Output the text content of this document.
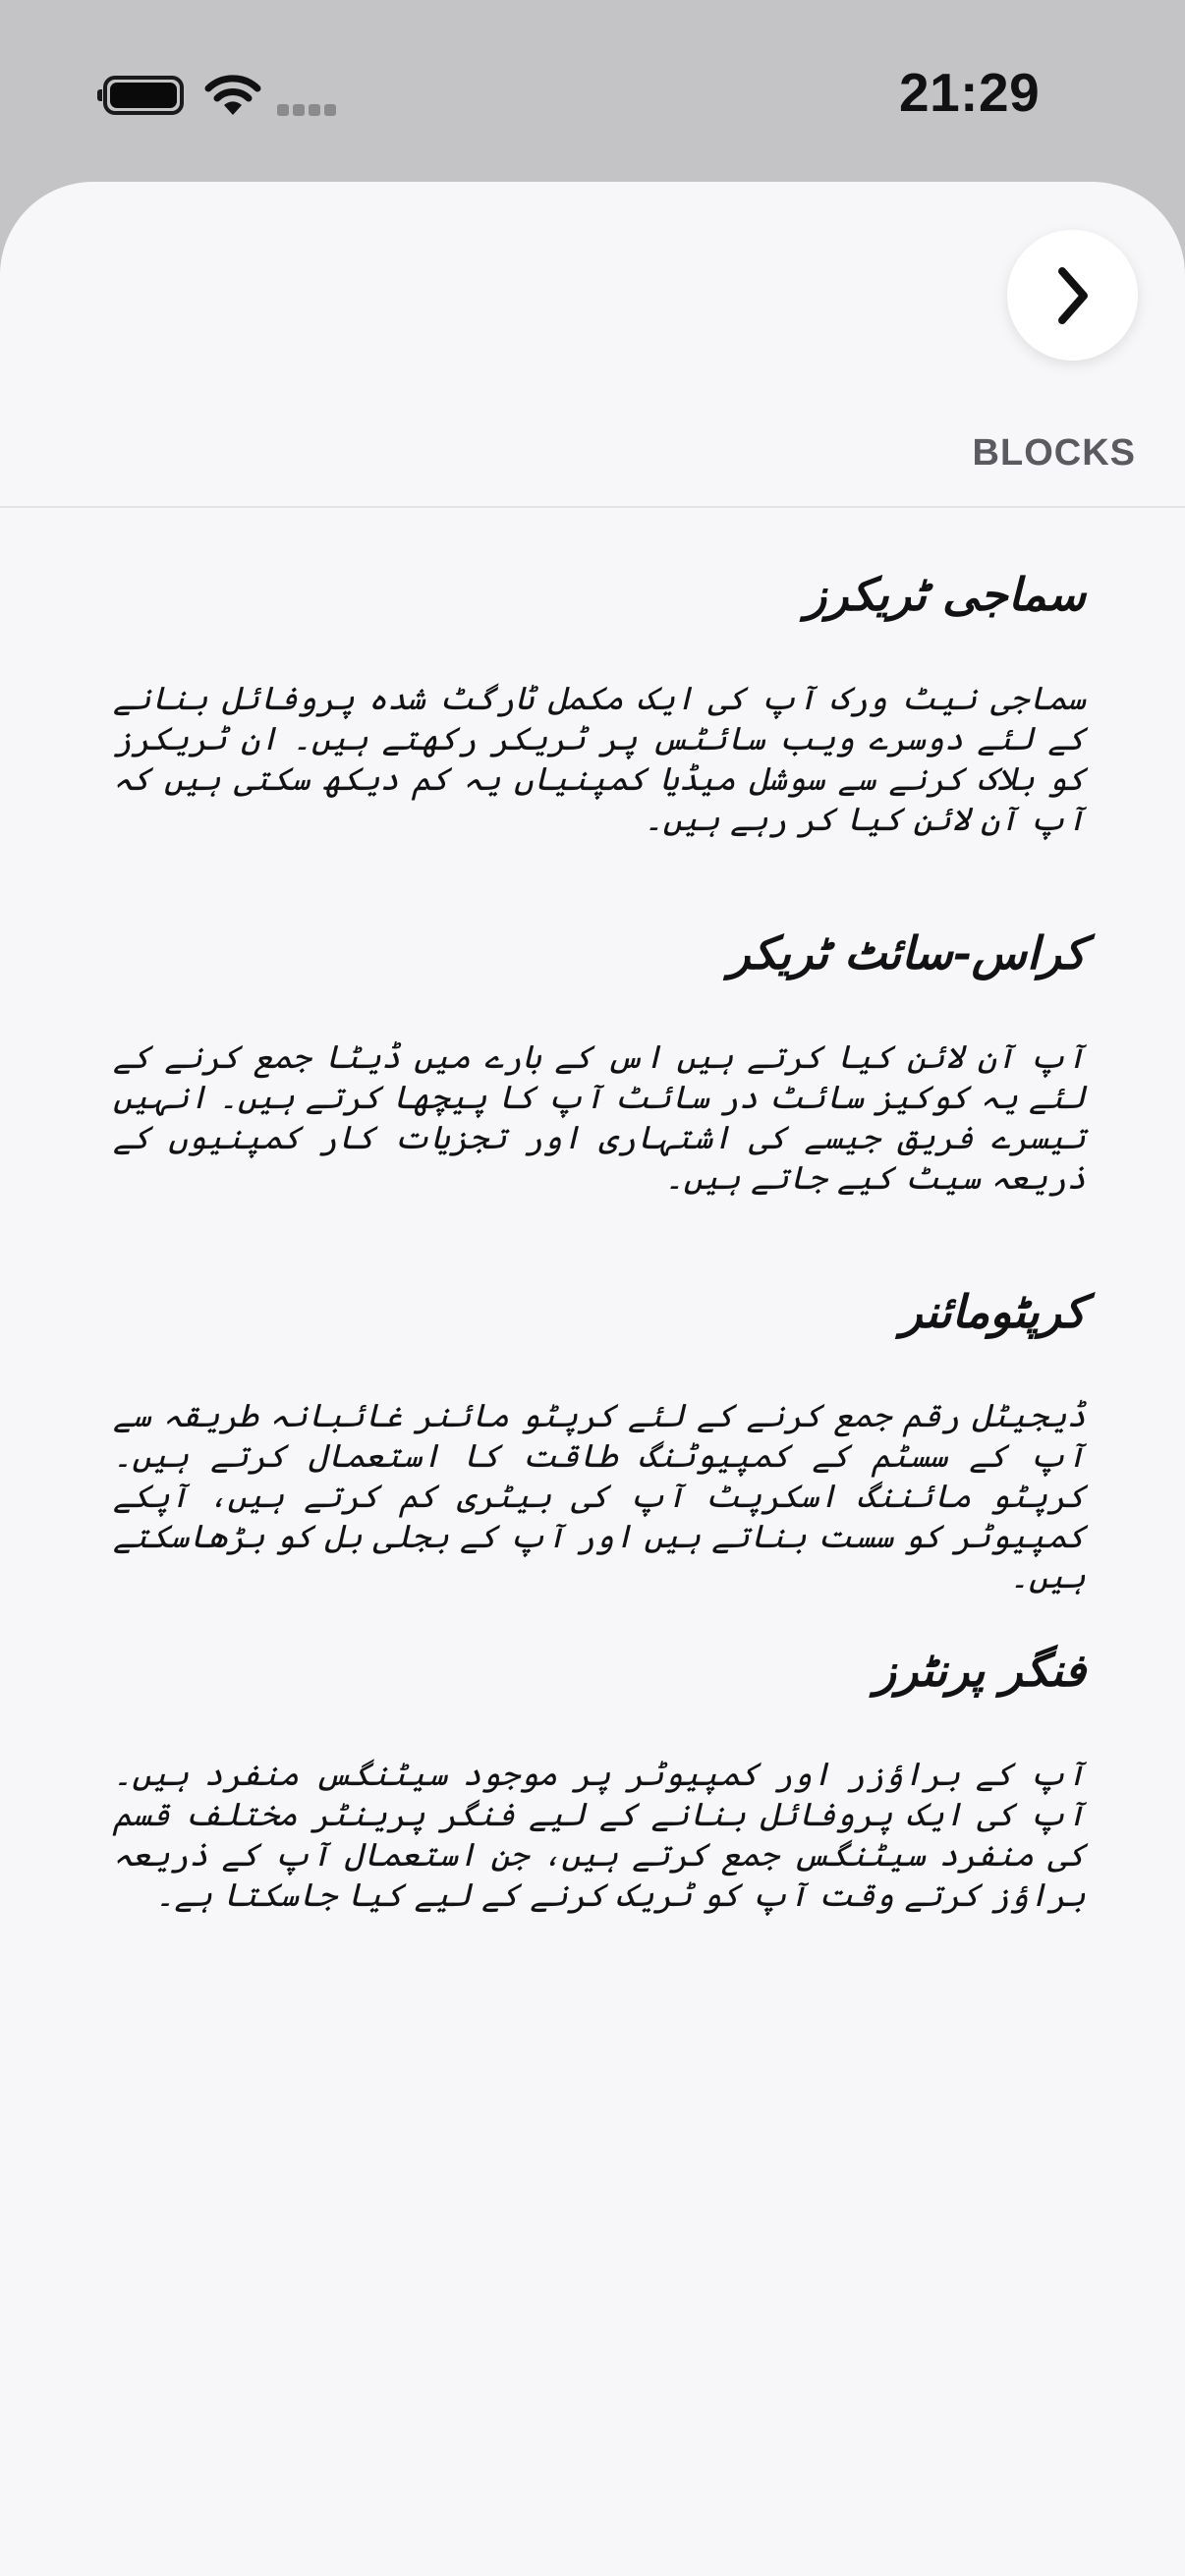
21:29
BLOCKS
سماجی ٹریکرز

سماجی نیٹ ورک آپ کی ایک مکمل ٹارگٹ شدہ پروفائل بنانے کے لئے دوسرے ویب سائٹس پر ٹریکر رکھتے ہیں۔ ان ٹریکرز کو بلاک کرنے سے سوشل میڈیا کمپنیاں یہ کم دیکھ سکتی ہیں کہ آپ آن لائن کیا کر رہے ہیں۔

کراس-سائٹ ٹریکر

آپ آن لائن کیا کرتے ہیں اس کے بارے میں ڈیٹا جمع کرنے کے لئے یہ کوکیز سائٹ در سائٹ آپ کا پیچھا کرتے ہیں۔ انہیں تیسرے فریق جیسے کی اشتہاری اور تجزیات کار کمپنیوں کے ذریعہ سیٹ کیے جاتے ہیں۔

کرپٹومائنر

ڈیجیٹل رقم جمع کرنے کے لئے کرپٹو مائنر غائبانہ طریقہ سے آپ کے سسٹم کے کمپیوٹنگ طاقت کا استعمال کرتے ہیں۔ کرپٹو مائننگ اسکرپٹ آپ کی بیٹری کم کرتے ہیں، آپکے کمپیوٹر کو سست بناتے ہیں اور آپ کے بجلی بل کو بڑھاسکتے ہیں۔

فنگر پرنٹرز

آپ کے براؤزر اور کمپیوٹر پر موجود سیٹنگس منفرد ہیں۔ آپ کی ایک پروفائل بنانے کے لیے فنگر پرینٹر مختلف قسم کی منفرد سیٹنگس جمع کرتے ہیں، جن استعمال آپ کے ذریعہ براؤز کرتے وقت آپ کو ٹریک کرنے کے لیے کیا جاسکتا ہے۔
